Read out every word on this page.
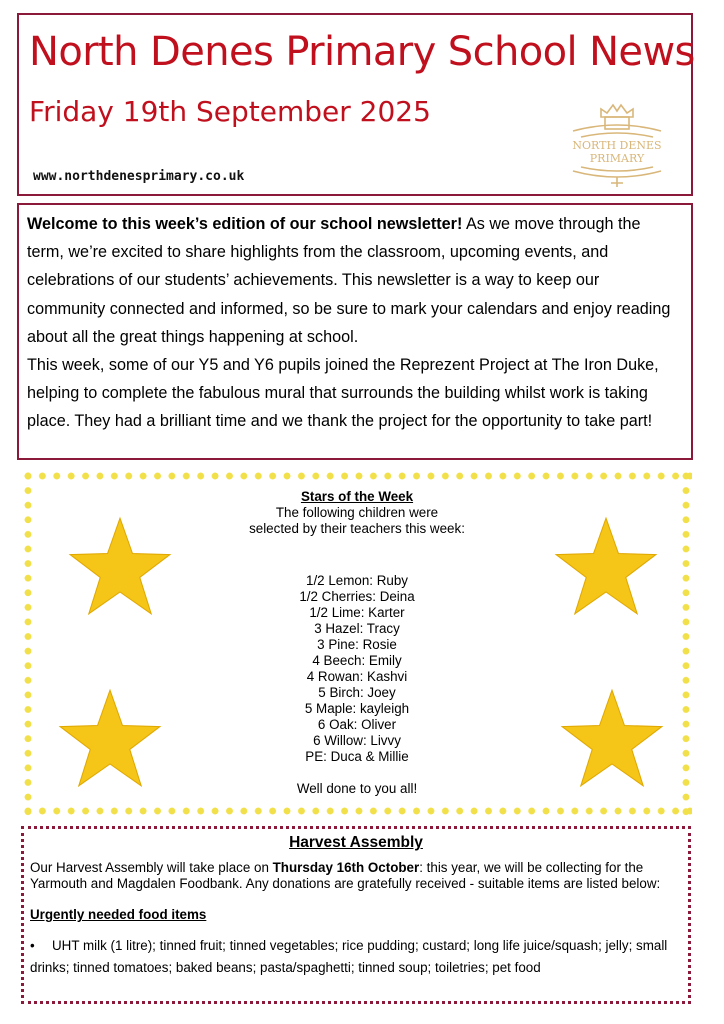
North Denes Primary School News
Friday 19th September 2025
www.northdenesprimary.co.uk
NORTH DENES
PRIMARY

Welcome to this week’s edition of our school newsletter! As we move through the term, we’re excited to share highlights from the classroom, upcoming events, and celebrations of our students’ achievements. This newsletter is a way to keep our community connected and informed, so be sure to mark your calendars and enjoy reading about all the great things happening at school.

This week, some of our Y5 and Y6 pupils joined the Reprezent Project at The Iron Duke, helping to complete the fabulous mural that surrounds the building whilst work is taking place. They had a brilliant time and we thank the project for the opportunity to take part!

Stars of the Week
The following children were
selected by their teachers this week:
1/2 Lemon: Ruby
1/2 Cherries: Deina
1/2 Lime: Karter
3 Hazel: Tracy
3 Pine: Rosie
4 Beech: Emily
4 Rowan: Kashvi
5 Birch: Joey
5 Maple: kayleigh
6 Oak: Oliver
6 Willow: Livvy
PE: Duca & Millie
Well done to you all!
Harvest Assembly

Our Harvest Assembly will take place on Thursday 16th October: this year, we will be collecting for the Yarmouth and Magdalen Foodbank. Any donations are gratefully received - suitable items are listed below:

Urgently needed food items

• UHT milk (1 litre); tinned fruit; tinned vegetables; rice pudding; custard; long life juice/squash; jelly; small drinks; tinned tomatoes; baked beans; pasta/spaghetti; tinned soup; toiletries; pet food
